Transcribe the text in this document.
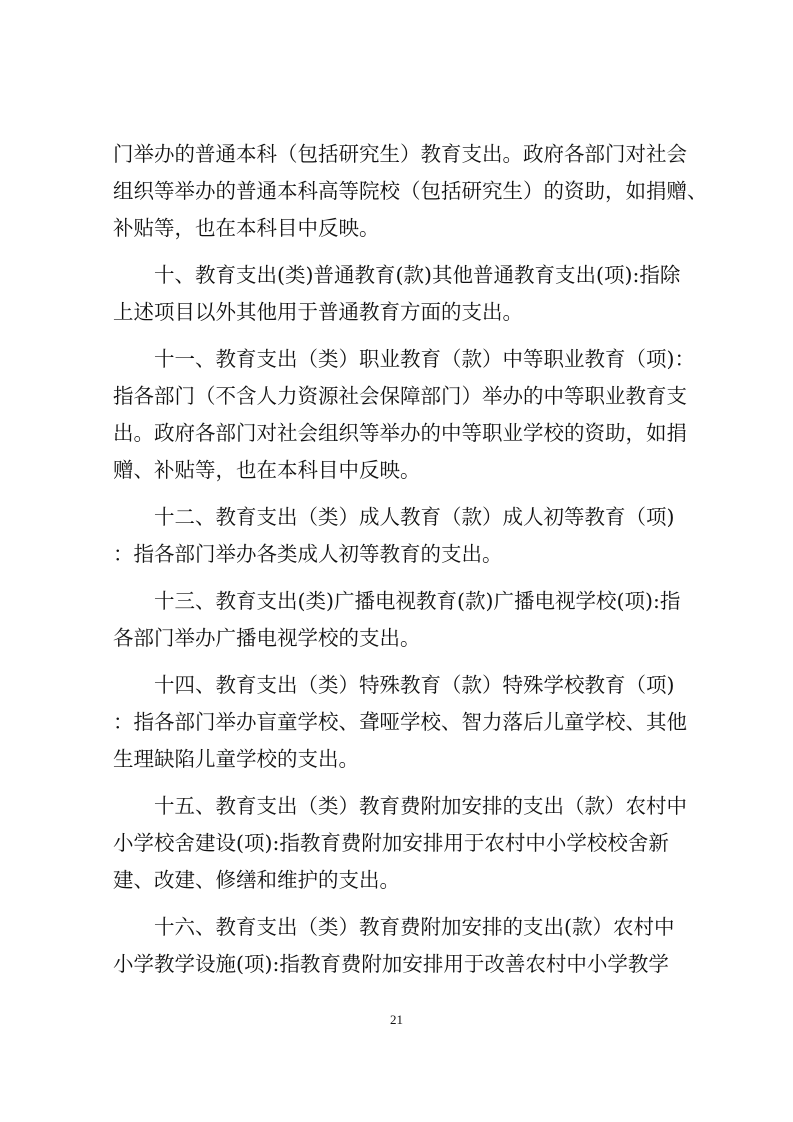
门举办的普通本科（包括研究生）教育支出。政府各部门对社会
组织等举办的普通本科高等院校（包括研究生）的资助，如捐赠、
补贴等，也在本科目中反映。
十、教育支出(类)普通教育(款)其他普通教育支出(项):指除
上述项目以外其他用于普通教育方面的支出。
十一、教育支出（类）职业教育（款）中等职业教育（项)：
指各部门（不含人力资源社会保障部门）举办的中等职业教育支
出。政府各部门对社会组织等举办的中等职业学校的资助，如捐
赠、补贴等，也在本科目中反映。
十二、教育支出（类）成人教育（款）成人初等教育（项)
：指各部门举办各类成人初等教育的支出。
十三、教育支出(类)广播电视教育(款)广播电视学校(项):指
各部门举办广播电视学校的支出。
十四、教育支出（类）特殊教育（款）特殊学校教育（项)
：指各部门举办盲童学校、聋哑学校、智力落后儿童学校、其他
生理缺陷儿童学校的支出。
十五、教育支出（类）教育费附加安排的支出（款）农村中
小学校舍建设(项):指教育费附加安排用于农村中小学校校舍新
建、改建、修缮和维护的支出。
十六、教育支出（类）教育费附加安排的支出(款）农村中
小学教学设施(项):指教育费附加安排用于改善农村中小学教学
21
